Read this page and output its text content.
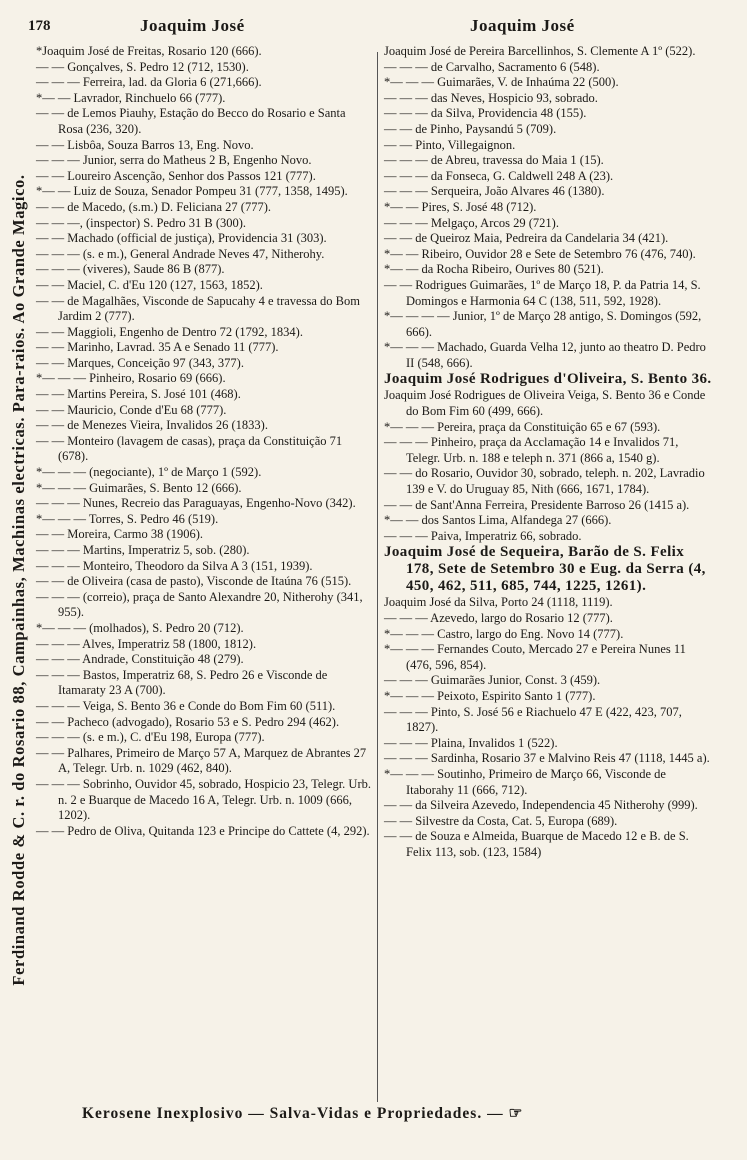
178	Joaquim José	Joaquim José
Ferdinand Rodde & C. r. do Rosario 88, Campainhas, Machinas electricas. Para-raios. Ao Grande Magico.
*Joaquim José de Freitas, Rosario 120 (666).
— — Gonçalves, S. Pedro 12 (712, 1530).
— — — Ferreira, lad. da Gloria 6 (271,666).
*— — Lavrador, Rinchuelo 66 (777).
— — de Lemos Piauhy, Estação do Becco do Rosario e Santa Rosa (236, 320).
— — Lisbôa, Souza Barros 13, Eng. Novo.
— — — Junior, serra do Matheus 2 B, Engenho Novo.
— — Loureiro Ascenção, Senhor dos Passos 121 (777).
*— — Luiz de Souza, Senador Pompeu 31 (777, 1358, 1495).
— — de Macedo, (s.m.) D. Feliciana 27 (777).
— — —, (inspector) S. Pedro 31 B (300).
— — Machado (official de justiça), Providencia 31 (303).
— — — (s. e m.), General Andrade Neves 47, Nitherohy.
— — — (viveres), Saude 86 B (877).
— — Maciel, C. d'Eu 120 (127, 1563, 1852).
— — de Magalhães, Visconde de Sapucahy 4 e travessa do Bom Jardim 2 (777).
— — Maggioli, Engenho de Dentro 72 (1792, 1834).
— — Marinho, Lavrad. 35 A e Senado 11 (777).
— — Marques, Conceição 97 (343, 377).
*— — — Pinheiro, Rosario 69 (666).
— — Martins Pereira, S. José 101 (468).
— — Mauricio, Conde d'Eu 68 (777).
— — de Menezes Vieira, Invalidos 26 (1833).
— — Monteiro (lavagem de casas), praça da Constituição 71 (678).
*— — — (negociante), 1º de Março 1 (592).
*— — — Guimarães, S. Bento 12 (666).
— — — Nunes, Recreio das Paraguayas, Engenho-Novo (342).
*— — — Torres, S. Pedro 46 (519).
— — Moreira, Carmo 38 (1906).
— — — Martins, Imperatriz 5, sob. (280).
— — — Monteiro, Theodoro da Silva A 3 (151, 1939).
— — de Oliveira (casa de pasto), Visconde de Itaúna 76 (515).
— — — (correio), praça de Santo Alexandre 20, Nitherohy (341, 955).
*— — — (molhados), S. Pedro 20 (712).
— — — Alves, Imperatriz 58 (1800, 1812).
— — — Andrade, Constituição 48 (279).
— — — Bastos, Imperatriz 68, S. Pedro 26 e Visconde de Itamaraty 23 A (700).
— — — Veiga, S. Bento 36 e Conde do Bom Fim 60 (511).
— — Pacheco (advogado), Rosario 53 e S. Pedro 294 (462).
— — — (s. e m.), C. d'Eu 198, Europa (777).
— — Palhares, Primeiro de Março 57 A, Marquez de Abrantes 27 A, Telegr. Urb. n. 1029 (462, 840).
— — — Sobrinho, Ouvidor 45, sobrado, Hospicio 23, Telegr. Urb. n. 2 e Buarque de Macedo 16 A, Telegr. Urb. n. 1009 (666, 1202).
— — Pedro de Oliva, Quitanda 123 e Principe do Cattete (4, 292).
Joaquim José de Pereira Barcellinhos, S. Clemente A 1º (522).
— — — de Carvalho, Sacramento 6 (548).
*— — — Guimarães, V. de Inhaúma 22 (500).
— — — das Neves, Hospicio 93, sobrado.
— — — da Silva, Providencia 48 (155).
— — de Pinho, Paysandú 5 (709).
— — Pinto, Villegaignon.
— — — de Abreu, travessa do Maia 1 (15).
— — — da Fonseca, G. Caldwell 248 A (23).
— — — Serqueira, João Alvares 46 (1380).
*— — Pires, S. José 48 (712).
— — — Melgaço, Arcos 29 (721).
— — de Queiroz Maia, Pedreira da Candelaria 34 (421).
*— — Ribeiro, Ouvidor 28 e Sete de Setembro 76 (476, 740).
*— — da Rocha Ribeiro, Ourives 80 (521).
— — Rodrigues Guimarães, 1º de Março 18, P. da Patria 14, S. Domingos e Harmonia 64 C (138, 511, 592, 1928).
*— — — — Junior, 1º de Março 28 antigo, S. Domingos (592, 666).
*— — — Machado, Guarda Velha 12, junto ao theatro D. Pedro II (548, 666).
Joaquim José Rodrigues d'Oliveira, S. Bento 36.
Joaquim José Rodrigues de Oliveira Veiga, S. Bento 36 e Conde do Bom Fim 60 (499, 666).
*— — — Pereira, praça da Constituição 65 e 67 (593).
— — — Pinheiro, praça da Acclamação 14 e Invalidos 71, Telegr. Urb. n. 188 e teleph n. 371 (866 a, 1540 g).
— — do Rosario, Ouvidor 30, sobrado, teleph. n. 202, Lavradio 139 e V. do Uruguay 85, Nith (666, 1671, 1784).
— — de Sant'Anna Ferreira, Presidente Barroso 26 (1415 a).
*— — dos Santos Lima, Alfandega 27 (666).
— — — Paiva, Imperatriz 66, sobrado.
Joaquim José de Sequeira, Barão de S. Felix 178, Sete de Setembro 30 e Eug. da Serra (4, 450, 462, 511, 685, 744, 1225, 1261).
Joaquim José da Silva, Porto 24 (1118, 1119).
— — — Azevedo, largo do Rosario 12 (777).
*— — — Castro, largo do Eng. Novo 14 (777).
*— — — Fernandes Couto, Mercado 27 e Pereira Nunes 11 (476, 596, 854).
— — — Guimarães Junior, Const. 3 (459).
*— — — Peixoto, Espirito Santo 1 (777).
— — — Pinto, S. José 56 e Riachuelo 47 E (422, 423, 707, 1827).
— — — Plaina, Invalidos 1 (522).
— — — Sardinha, Rosario 37 e Malvino Reis 47 (1118, 1445 a).
*— — — Soutinho, Primeiro de Março 66, Visconde de Itaborahy 11 (666, 712).
— — da Silveira Azevedo, Independencia 45 Nitherohy (999).
— — Silvestre da Costa, Cat. 5, Europa (689).
— — de Souza e Almeida, Buarque de Macedo 12 e B. de S. Felix 113, sob. (123, 1584)
Kerosene Inexplosivo — Salva-Vidas e Propriedades. — ☞
